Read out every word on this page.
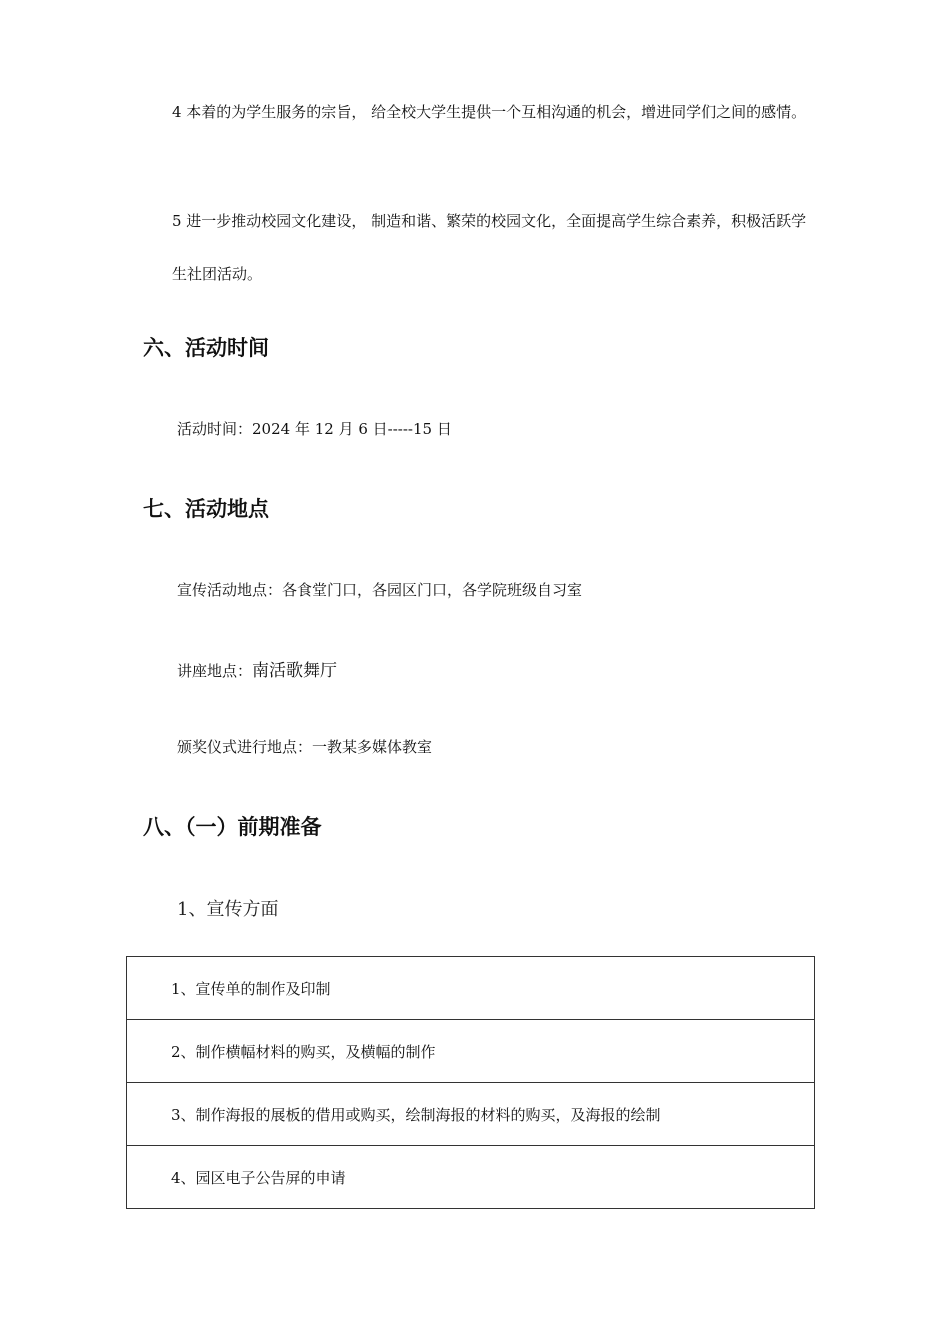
4 本着的为学生服务的宗旨， 给全校大学生提供一个互相沟通的机会，增进同学们之间的感情。

5 进一步推动校园文化建设， 制造和谐、繁荣的校园文化，全面提高学生综合素养，积极活跃学生社团活动。

六、活动时间

活动时间：2024 年 12 月 6 日-----15 日

七、活动地点

宣传活动地点：各食堂门口，各园区门口，各学院班级自习室

讲座地点：南活歌舞厅

颁奖仪式进行地点：一教某多媒体教室

八、（一）前期准备

1、宣传方面

1、宣传单的制作及印制
2、制作横幅材料的购买，及横幅的制作
3、制作海报的展板的借用或购买，绘制海报的材料的购买，及海报的绘制
4、园区电子公告屏的申请
